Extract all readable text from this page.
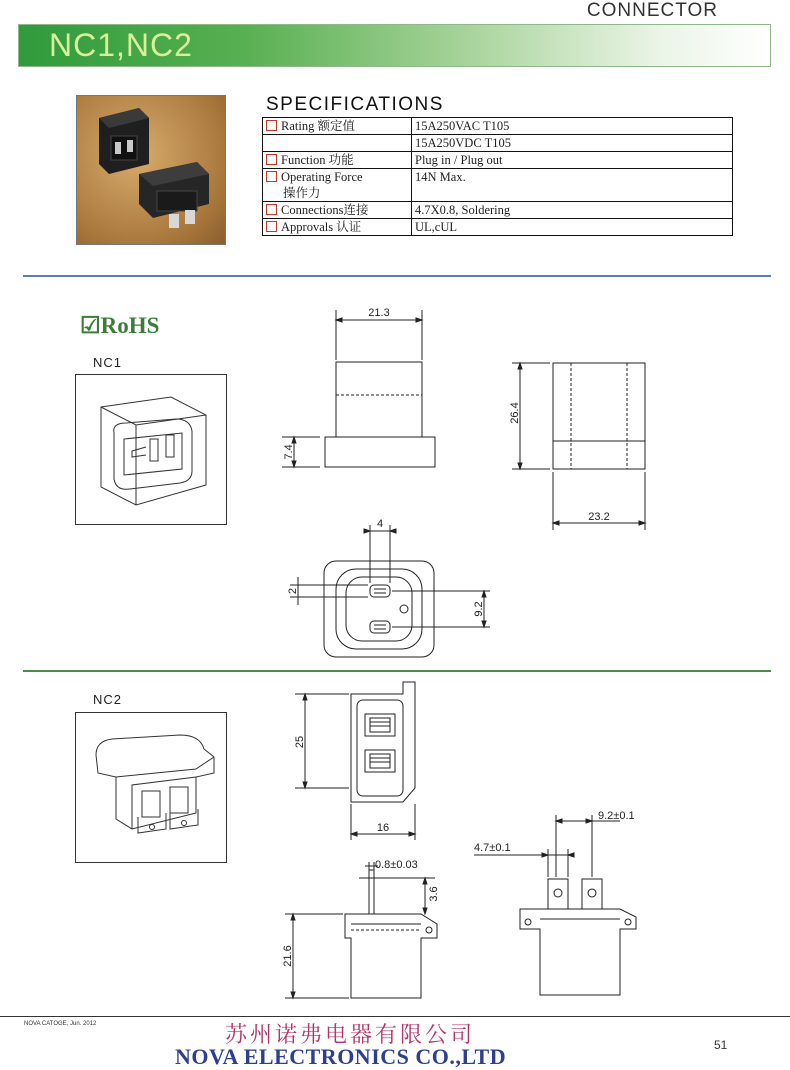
CONNECTOR
NC1,NC2
SPECIFICATIONS
Rating 额定值	15A250VAC T105
	15A250VDC T105
Function 功能	Plug in / Plug out
Operating Force	14N Max.
操作力	
Connections连接	4.7X0.8, Soldering
Approvals 认证	UL,cUL
☑RoHS
NC1
21.3
7.4
26.4
23.2
4
2
9.2
NC2
25
16
0.8±0.03
3.6
21.6
9.2±0.1
4.7±0.1
NOVA CATOGE, Jun. 2012	苏州诺弗电器有限公司
NOVA ELECTRONICS CO.,LTD	51
